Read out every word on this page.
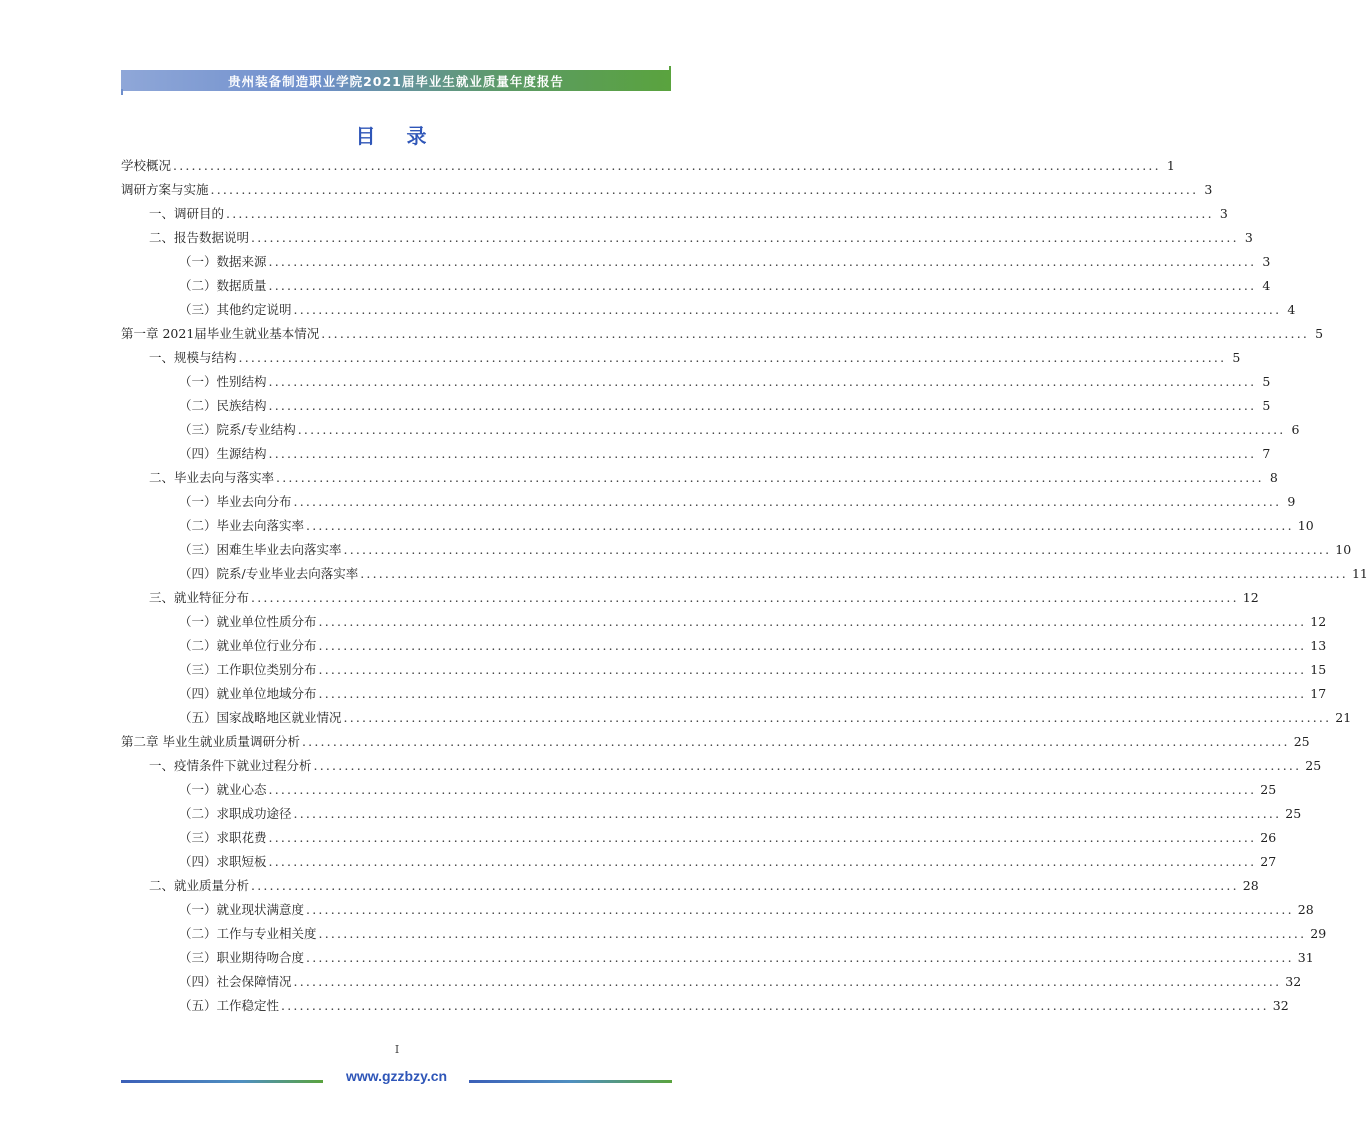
贵州装备制造职业学院2021届毕业生就业质量年度报告
目 录
学校概况 ................................................................................................................................................................ 1
调研方案与实施 ................................................................................................................................................................ 3
一、调研目的 ................................................................................................................................................................ 3
二、报告数据说明 ................................................................................................................................................................ 3
（一）数据来源 ................................................................................................................................................................ 3
（二）数据质量 ................................................................................................................................................................ 4
（三）其他约定说明 ................................................................................................................................................................ 4
第一章 2021届毕业生就业基本情况 ................................................................................................................................................................ 5
一、规模与结构 ................................................................................................................................................................ 5
（一）性别结构 ................................................................................................................................................................ 5
（二）民族结构 ................................................................................................................................................................ 5
（三）院系/专业结构 ................................................................................................................................................................ 6
（四）生源结构 ................................................................................................................................................................ 7
二、毕业去向与落实率 ................................................................................................................................................................ 8
（一）毕业去向分布 ................................................................................................................................................................ 9
（二）毕业去向落实率 ................................................................................................................................................................ 10
（三）困难生毕业去向落实率 ................................................................................................................................................................ 10
（四）院系/专业毕业去向落实率 ................................................................................................................................................................ 11
三、就业特征分布 ................................................................................................................................................................ 12
（一）就业单位性质分布 ................................................................................................................................................................ 12
（二）就业单位行业分布 ................................................................................................................................................................ 13
（三）工作职位类别分布 ................................................................................................................................................................ 15
（四）就业单位地域分布 ................................................................................................................................................................ 17
（五）国家战略地区就业情况 ................................................................................................................................................................ 21
第二章 毕业生就业质量调研分析 ................................................................................................................................................................ 25
一、疫情条件下就业过程分析 ................................................................................................................................................................ 25
（一）就业心态 ................................................................................................................................................................ 25
（二）求职成功途径 ................................................................................................................................................................ 25
（三）求职花费 ................................................................................................................................................................ 26
（四）求职短板 ................................................................................................................................................................ 27
二、就业质量分析 ................................................................................................................................................................ 28
（一）就业现状满意度 ................................................................................................................................................................ 28
（二）工作与专业相关度 ................................................................................................................................................................ 29
（三）职业期待吻合度 ................................................................................................................................................................ 31
（四）社会保障情况 ................................................................................................................................................................ 32
（五）工作稳定性 ................................................................................................................................................................ 32
I
www.gzzbzy.cn
